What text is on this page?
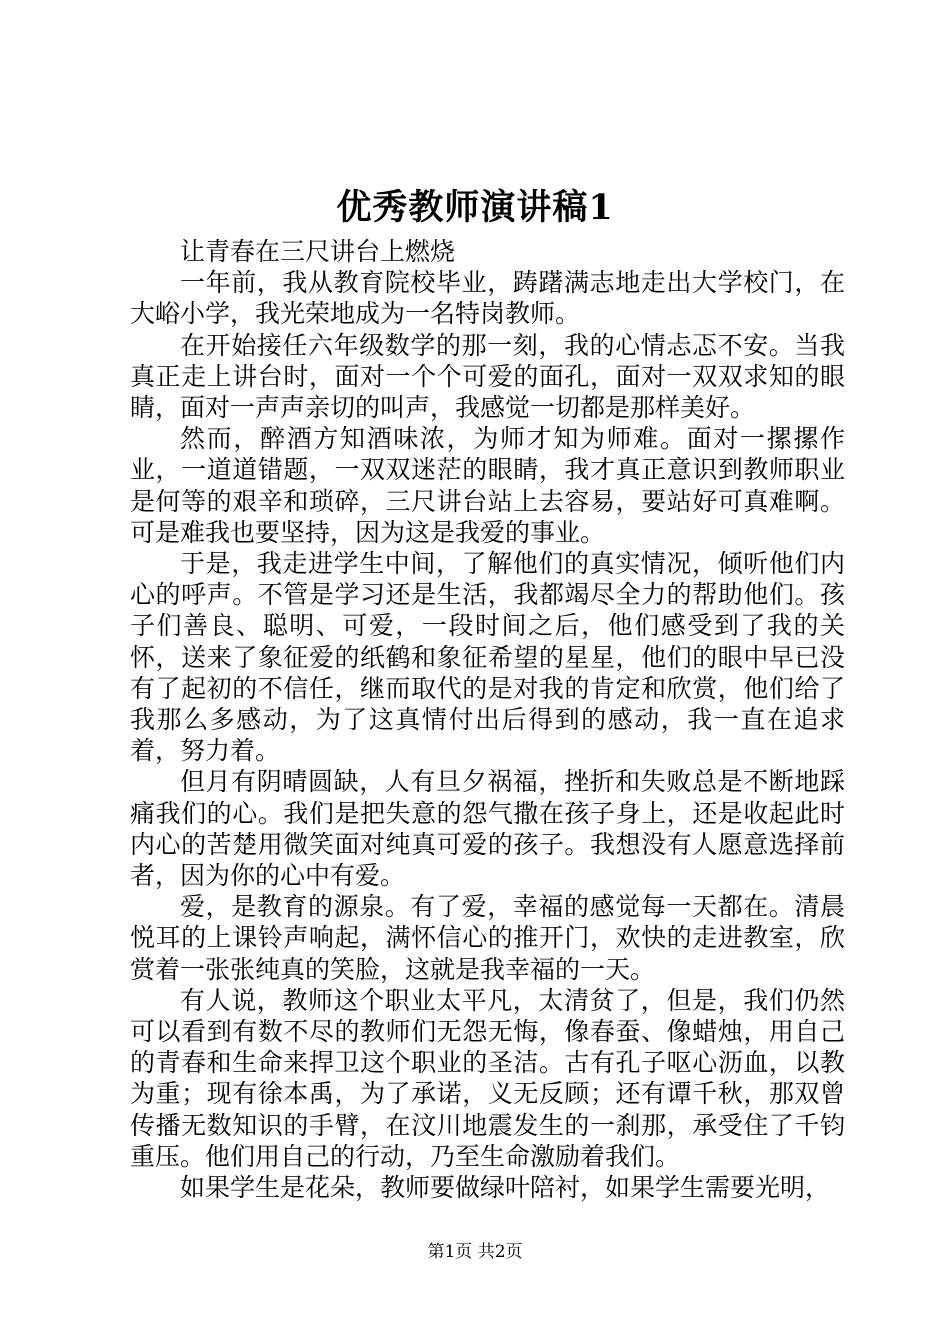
优秀教师演讲稿1

让青春在三尺讲台上燃烧

一年前，我从教育院校毕业，踌躇满志地走出大学校门，在大峪小学，我光荣地成为一名特岗教师。

在开始接任六年级数学的那一刻，我的心情忐忑不安。当我真正走上讲台时，面对一个个可爱的面孔，面对一双双求知的眼睛，面对一声声亲切的叫声，我感觉一切都是那样美好。

然而，醉酒方知酒味浓，为师才知为师难。面对一摞摞作业，一道道错题，一双双迷茫的眼睛，我才真正意识到教师职业是何等的艰辛和琐碎，三尺讲台站上去容易，要站好可真难啊。可是难我也要坚持，因为这是我爱的事业。

于是，我走进学生中间，了解他们的真实情况，倾听他们内心的呼声。不管是学习还是生活，我都竭尽全力的帮助他们。孩子们善良、聪明、可爱，一段时间之后，他们感受到了我的关怀，送来了象征爱的纸鹤和象征希望的星星，他们的眼中早已没有了起初的不信任，继而取代的是对我的肯定和欣赏，他们给了我那么多感动，为了这真情付出后得到的感动，我一直在追求着，努力着。

但月有阴晴圆缺，人有旦夕祸福，挫折和失败总是不断地踩痛我们的心。我们是把失意的怨气撒在孩子身上，还是收起此时内心的苦楚用微笑面对纯真可爱的孩子。我想没有人愿意选择前者，因为你的心中有爱。

爱，是教育的源泉。有了爱，幸福的感觉每一天都在。清晨悦耳的上课铃声响起，满怀信心的推开门，欢快的走进教室，欣赏着一张张纯真的笑脸，这就是我幸福的一天。

有人说，教师这个职业太平凡，太清贫了，但是，我们仍然可以看到有数不尽的教师们无怨无悔，像春蚕、像蜡烛，用自己的青春和生命来捍卫这个职业的圣洁。古有孔子呕心沥血，以教为重；现有徐本禹，为了承诺，义无反顾；还有谭千秋，那双曾传播无数知识的手臂，在汶川地震发生的一刹那，承受住了千钧重压。他们用自己的行动，乃至生命激励着我们。

如果学生是花朵，教师要做绿叶陪衬，如果学生需要光明，

第1页 共2页
